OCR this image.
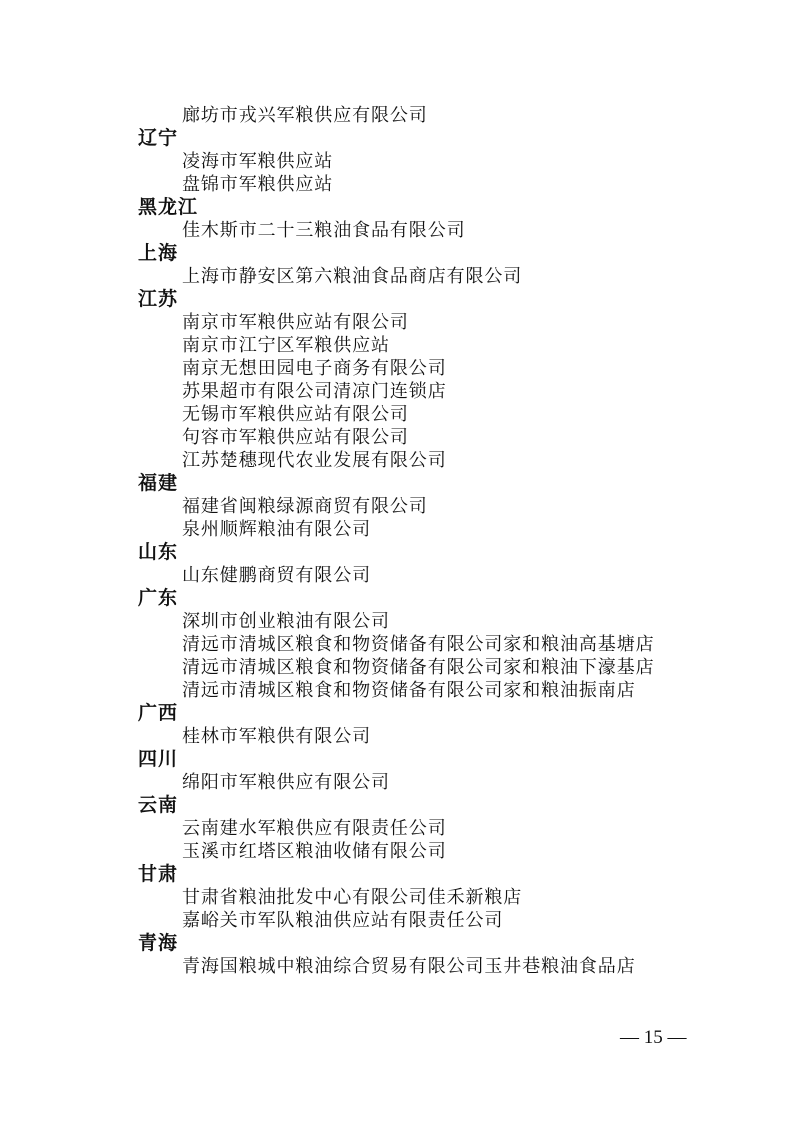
廊坊市戎兴军粮供应有限公司
辽宁
凌海市军粮供应站
盘锦市军粮供应站
黑龙江
佳木斯市二十三粮油食品有限公司
上海
上海市静安区第六粮油食品商店有限公司
江苏
南京市军粮供应站有限公司
南京市江宁区军粮供应站
南京无想田园电子商务有限公司
苏果超市有限公司清凉门连锁店
无锡市军粮供应站有限公司
句容市军粮供应站有限公司
江苏楚穗现代农业发展有限公司
福建
福建省闽粮绿源商贸有限公司
泉州顺辉粮油有限公司
山东
山东健鹏商贸有限公司
广东
深圳市创业粮油有限公司
清远市清城区粮食和物资储备有限公司家和粮油高基塘店
清远市清城区粮食和物资储备有限公司家和粮油下濠基店
清远市清城区粮食和物资储备有限公司家和粮油振南店
广西
桂林市军粮供有限公司
四川
绵阳市军粮供应有限公司
云南
云南建水军粮供应有限责任公司
玉溪市红塔区粮油收储有限公司
甘肃
甘肃省粮油批发中心有限公司佳禾新粮店
嘉峪关市军队粮油供应站有限责任公司
青海
青海国粮城中粮油综合贸易有限公司玉井巷粮油食品店
— 15 —
